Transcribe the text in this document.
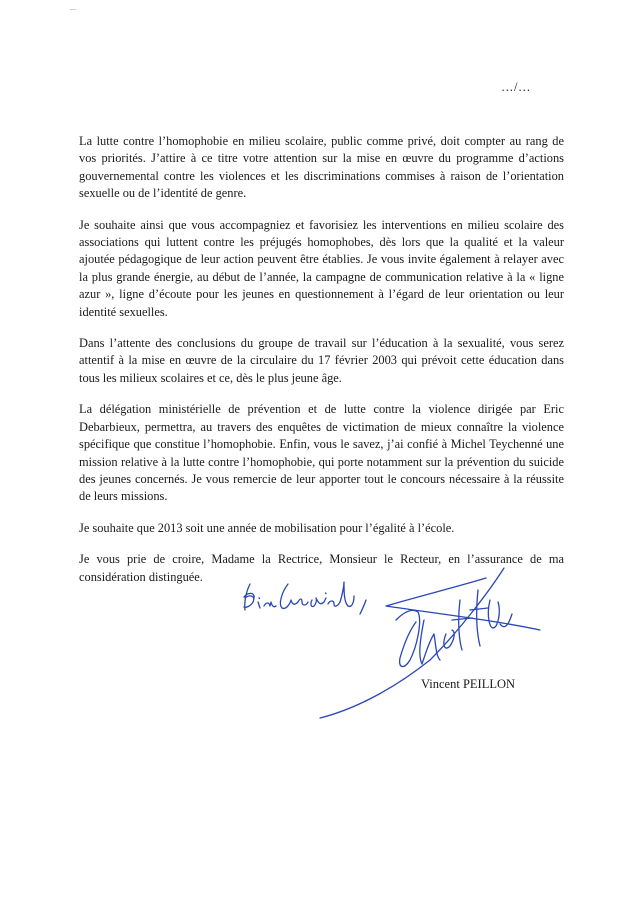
…/…

La lutte contre l’homophobie en milieu scolaire, public comme privé, doit compter au rang de vos priorités. J’attire à ce titre votre attention sur la mise en œuvre du programme d’actions gouvernemental contre les violences et les discriminations commises à raison de l’orientation sexuelle ou de l’identité de genre.

Je souhaite ainsi que vous accompagniez et favorisiez les interventions en milieu scolaire des associations qui luttent contre les préjugés homophobes, dès lors que la qualité et la valeur ajoutée pédagogique de leur action peuvent être établies. Je vous invite également à relayer avec la plus grande énergie, au début de l’année, la campagne de communication relative à la « ligne azur », ligne d’écoute pour les jeunes en questionnement à l’égard de leur orientation ou leur identité sexuelles.

Dans l’attente des conclusions du groupe de travail sur l’éducation à la sexualité, vous serez attentif à la mise en œuvre de la circulaire du 17 février 2003 qui prévoit cette éducation dans tous les milieux scolaires et ce, dès le plus jeune âge.

La délégation ministérielle de prévention et de lutte contre la violence dirigée par Eric Debarbieux, permettra, au travers des enquêtes de victimation de mieux connaître la violence spécifique que constitue l’homophobie. Enfin, vous le savez, j’ai confié à Michel Teychenné une mission relative à la lutte contre l’homophobie, qui porte notamment sur la prévention du suicide des jeunes concernés. Je vous remercie de leur apporter tout le concours nécessaire à la réussite de leurs missions.

Je souhaite que 2013 soit une année de mobilisation pour l’égalité à l’école.

Je vous prie de croire, Madame la Rectrice, Monsieur le Recteur, en l’assurance de ma considération distinguée.

Vincent PEILLON
